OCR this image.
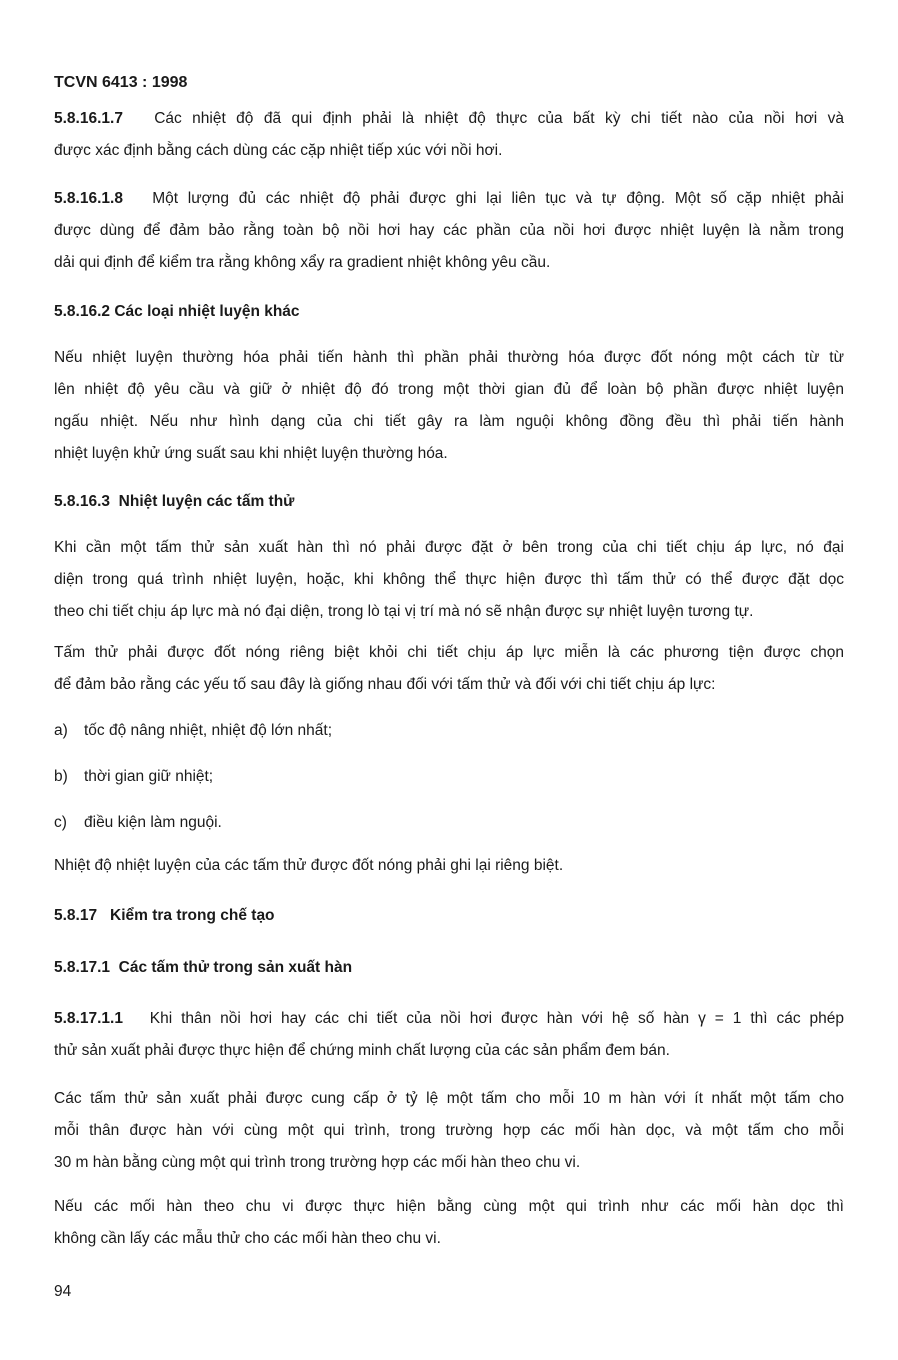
TCVN 6413 : 1998
5.8.16.1.7 Các nhiệt độ đã qui định phải là nhiệt độ thực của bất kỳ chi tiết nào của nồi hơi và
được xác định bằng cách dùng các cặp nhiệt tiếp xúc với nồi hơi.
5.8.16.1.8 Một lượng đủ các nhiệt độ phải được ghi lại liên tục và tự động. Một số cặp nhiệt phải
được dùng để đảm bảo rằng toàn bộ nồi hơi hay các phần của nồi hơi được nhiệt luyện là nằm trong
dải qui định để kiểm tra rằng không xẩy ra gradient nhiệt không yêu cầu.
5.8.16.2 Các loại nhiệt luyện khác
Nếu nhiệt luyện thường hóa phải tiến hành thì phần phải thường hóa được đốt nóng một cách từ từ
lên nhiệt độ yêu cầu và giữ ở nhiệt độ đó trong một thời gian đủ để loàn bộ phần được nhiệt luyện
ngấu nhiệt. Nếu như hình dạng của chi tiết gây ra làm nguội không đồng đều thì phải tiến hành
nhiệt luyện khử ứng suất sau khi nhiệt luyện thường hóa.
5.8.16.3 Nhiệt luyện các tấm thử
Khi cần một tấm thử sản xuất hàn thì nó phải được đặt ở bên trong của chi tiết chịu áp lực, nó đại
diện trong quá trình nhiệt luyện, hoặc, khi không thể thực hiện được thì tấm thử có thể được đặt dọc
theo chi tiết chịu áp lực mà nó đại diện, trong lò tại vị trí mà nó sẽ nhận được sự nhiệt luyện tương tự.
Tấm thử phải được đốt nóng riêng biệt khỏi chi tiết chịu áp lực miễn là các phương tiện được chọn
để đảm bảo rằng các yếu tố sau đây là giống nhau đối với tấm thử và đối với chi tiết chịu áp lực:
a) tốc độ nâng nhiệt, nhiệt độ lớn nhất;
b) thời gian giữ nhiệt;
c) điều kiện làm nguội.
Nhiệt độ nhiệt luyện của các tấm thử được đốt nóng phải ghi lại riêng biệt.
5.8.17 Kiểm tra trong chế tạo
5.8.17.1 Các tấm thử trong sản xuất hàn
5.8.17.1.1 Khi thân nồi hơi hay các chi tiết của nồi hơi được hàn với hệ số hàn γ = 1 thì các phép
thử sản xuất phải được thực hiện để chứng minh chất lượng của các sản phẩm đem bán.
Các tấm thử sản xuất phải được cung cấp ở tỷ lệ một tấm cho mỗi 10 m hàn với ít nhất một tấm cho
mỗi thân được hàn với cùng một qui trình, trong trường hợp các mối hàn dọc, và một tấm cho mỗi
30 m hàn bằng cùng một qui trình trong trường hợp các mối hàn theo chu vi.
Nếu các mối hàn theo chu vi được thực hiện bằng cùng một qui trình như các mối hàn dọc thì
không cần lấy các mẫu thử cho các mối hàn theo chu vi.
94
